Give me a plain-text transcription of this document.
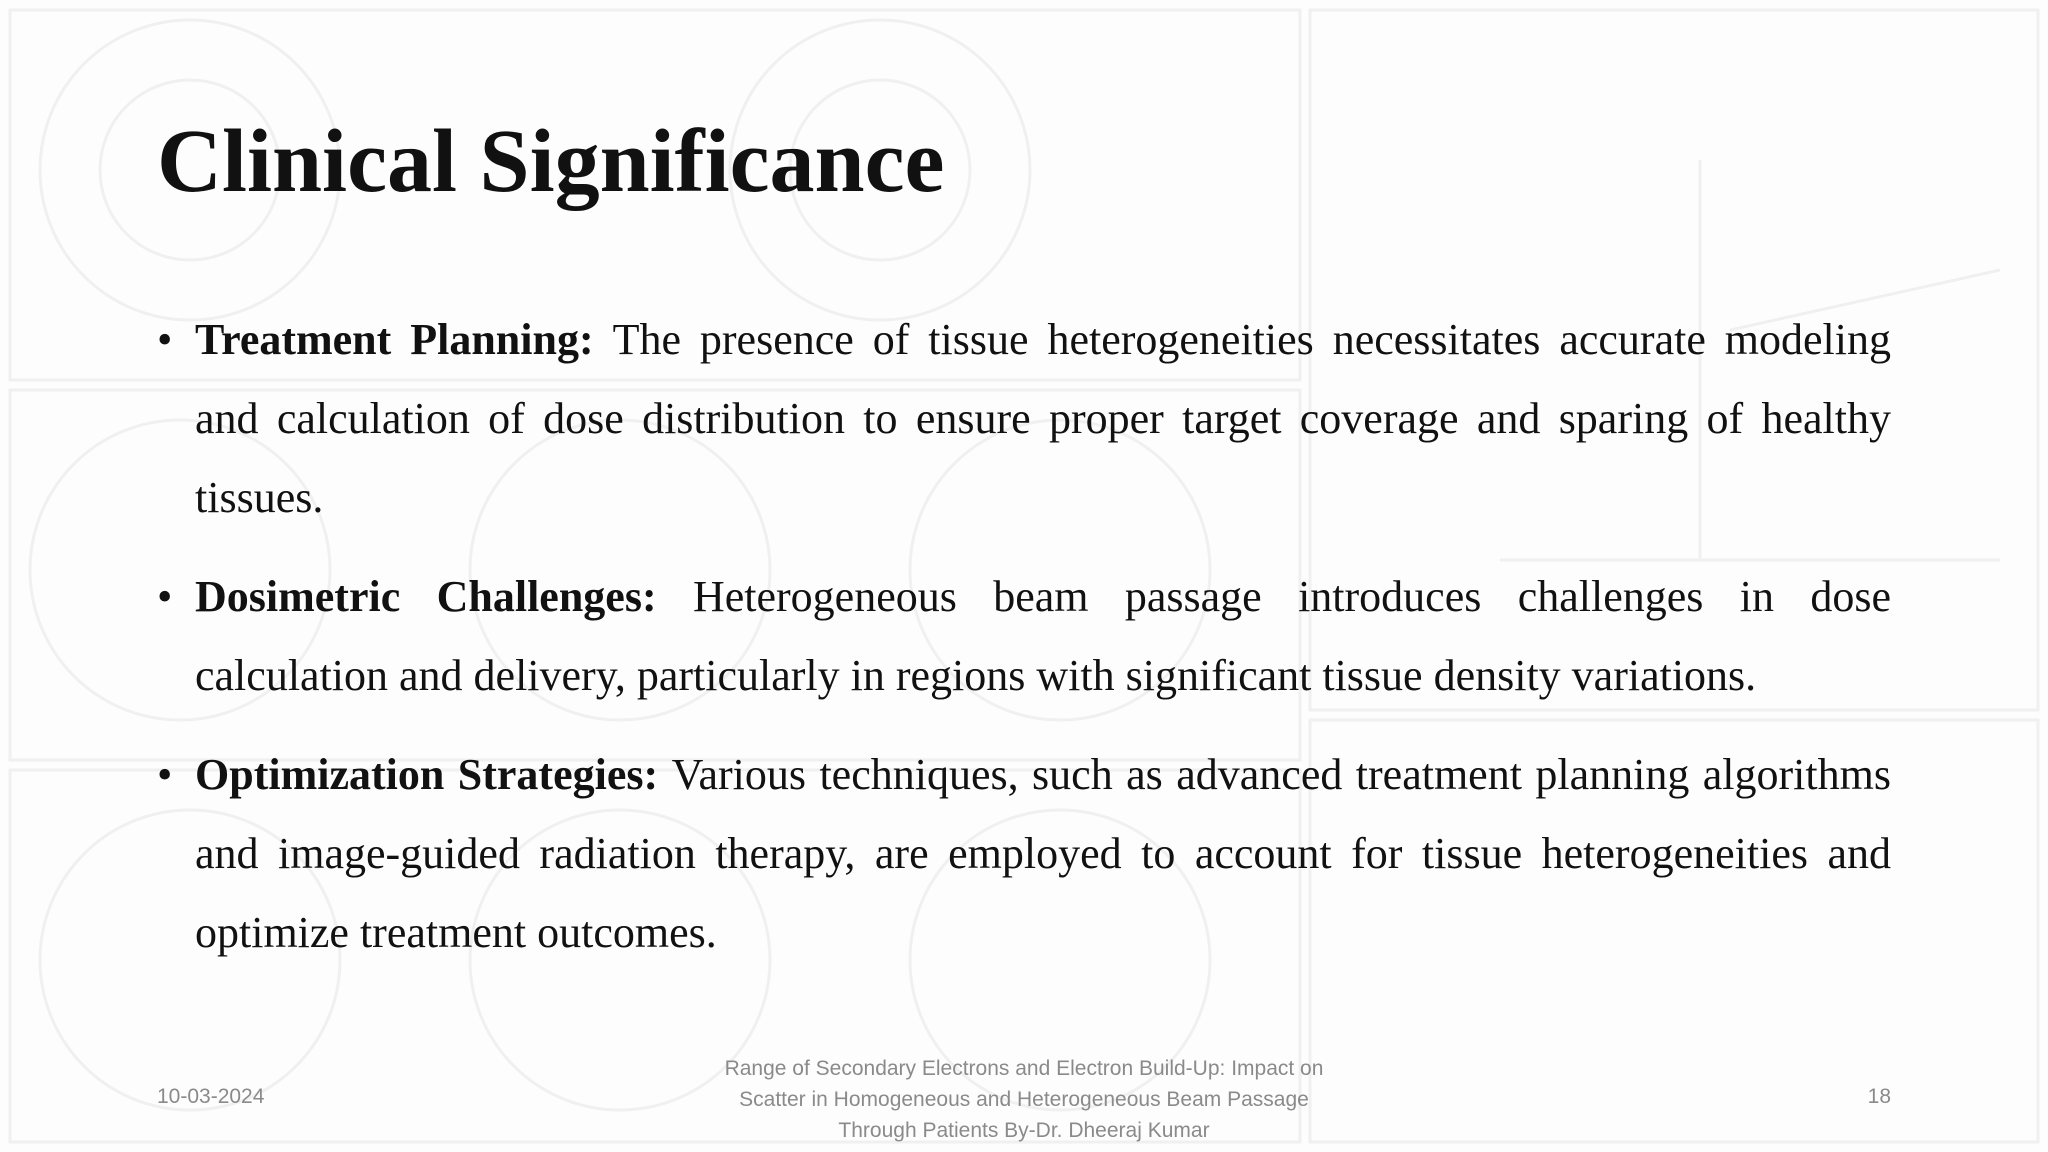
Clinical Significance
• Treatment Planning: The presence of tissue heterogeneities necessitates accurate modeling and calculation of dose distribution to ensure proper target coverage and sparing of healthy tissues.
• Dosimetric Challenges: Heterogeneous beam passage introduces challenges in dose calculation and delivery, particularly in regions with significant tissue density variations.
• Optimization Strategies: Various techniques, such as advanced treatment planning algorithms and image-guided radiation therapy, are employed to account for tissue heterogeneities and optimize treatment outcomes.
10-03-2024
Range of Secondary Electrons and Electron Build-Up: Impact on
Scatter in Homogeneous and Heterogeneous Beam Passage
Through Patients By-Dr. Dheeraj Kumar
18
